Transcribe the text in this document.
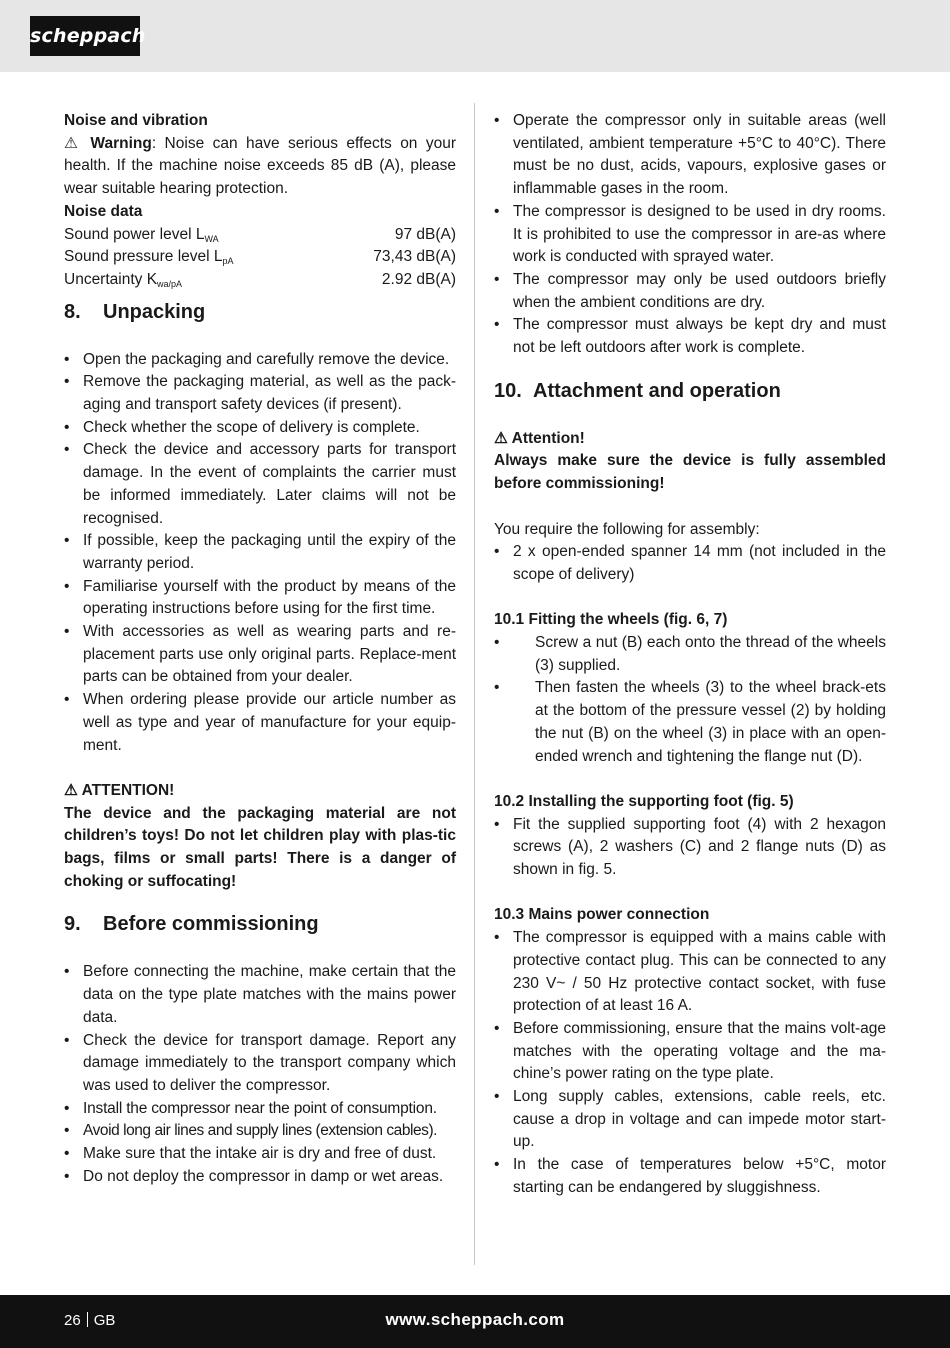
scheppach

Noise and vibration

⚠ Warning: Noise can have serious effects on your health. If the machine noise exceeds 85 dB (A), please wear suitable hearing protection.

Noise data

Sound power level $L_{WA}$	97 dB(A)
Sound pressure level $L_{pA}$	73,43 dB(A)
Uncertainty $K_{wa/pA}$	2.92 dB(A)
8. Unpacking
• Open the packaging and carefully remove the device.
• Remove the packaging material, as well as the pack-aging and transport safety devices (if present).
• Check whether the scope of delivery is complete.
• Check the device and accessory parts for transport damage. In the event of complaints the carrier must be informed immediately. Later claims will not be recognised.
• If possible, keep the packaging until the expiry of the warranty period.
• Familiarise yourself with the product by means of the operating instructions before using for the first time.
• With accessories as well as wearing parts and re-placement parts use only original parts. Replace-ment parts can be obtained from your dealer.
• When ordering please provide our article number as well as type and year of manufacture for your equip-ment.

⚠ ATTENTION!

The device and the packaging material are not children’s toys! Do not let children play with plas-tic bags, films or small parts! There is a danger of choking or suffocating!

9. Before commissioning
• Before connecting the machine, make certain that the data on the type plate matches with the mains power data.
• Check the device for transport damage. Report any damage immediately to the transport company which was used to deliver the compressor.
• Install the compressor near the point of consumption.
• Avoid long air lines and supply lines (extension cables).
• Make sure that the intake air is dry and free of dust.
• Do not deploy the compressor in damp or wet areas.
• Operate the compressor only in suitable areas (well ventilated, ambient temperature +5°C to 40°C). There must be no dust, acids, vapours, explosive gases or inflammable gases in the room.
• The compressor is designed to be used in dry rooms. It is prohibited to use the compressor in are-as where work is conducted with sprayed water.
• The compressor may only be used outdoors briefly when the ambient conditions are dry.
• The compressor must always be kept dry and must not be left outdoors after work is complete.
10. Attachment and operation

⚠ Attention!

Always make sure the device is fully assembled before commissioning!

You require the following for assembly:

• 2 x open-ended spanner 14 mm (not included in the scope of delivery)

10.1 Fitting the wheels (fig. 6, 7)

• Screw a nut (B) each onto the thread of the wheels (3) supplied.
• Then fasten the wheels (3) to the wheel brack-ets at the bottom of the pressure vessel (2) by holding the nut (B) on the wheel (3) in place with an open-ended wrench and tightening the flange nut (D).

10.2 Installing the supporting foot (fig. 5)

• Fit the supplied supporting foot (4) with 2 hexagon screws (A), 2 washers (C) and 2 flange nuts (D) as shown in fig. 5.

10.3 Mains power connection

• The compressor is equipped with a mains cable with protective contact plug. This can be connected to any 230 V~ / 50 Hz protective contact socket, with fuse protection of at least 16 A.
• Before commissioning, ensure that the mains volt-age matches with the operating voltage and the ma-chine’s power rating on the type plate.
• Long supply cables, extensions, cable reels, etc. cause a drop in voltage and can impede motor start-up.
• In the case of temperatures below +5°C, motor starting can be endangered by sluggishness.
26 GB	www.scheppach.com
